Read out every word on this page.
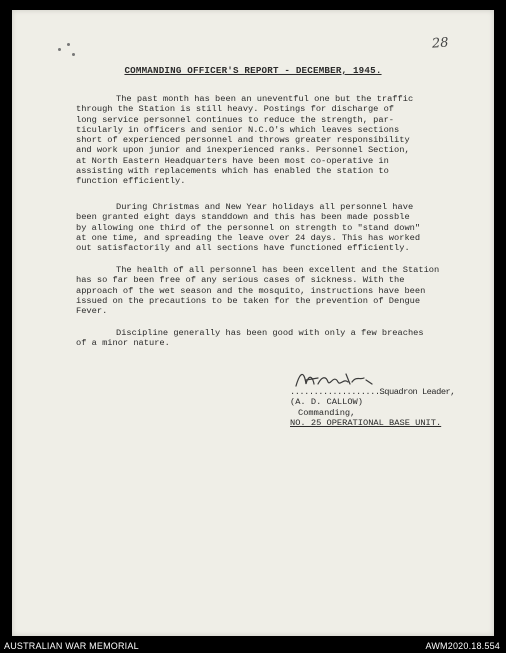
28
COMMANDING OFFICER'S REPORT - DECEMBER, 1945.
The past month has been an uneventful one but the traffic
through the Station is still heavy. Postings for discharge of
long service personnel continues to reduce the strength, par-
ticularly in officers and senior N.C.O's which leaves sections
short of experienced personnel and throws greater responsibility
and work upon junior and inexperienced ranks. Personnel Section,
at North Eastern Headquarters have been most co-operative in
assisting with replacements which has enabled the station to
function efficiently.
During Christmas and New Year holidays all personnel have
been granted eight days standdown and this has been made possble
by allowing one third of the personnel on strength to "stand down"
at one time, and spreading the leave over 24 days. This has worked
out satisfactorily and all sections have functioned efficiently.
The health of all personnel has been excellent and the Station
has so far been free of any serious cases of sickness. With the
approach of the wet season and the mosquito, instructions have been
issued on the precautions to be taken for the prevention of Dengue
Fever.
Discipline generally has been good with only a few breaches
of a minor nature.
...................Squadron Leader,
(A. D. CALLOW)
Commanding,
NO. 25 OPERATIONAL BASE UNIT.
AUSTRALIAN WAR MEMORIAL	AWM2020.18.554
